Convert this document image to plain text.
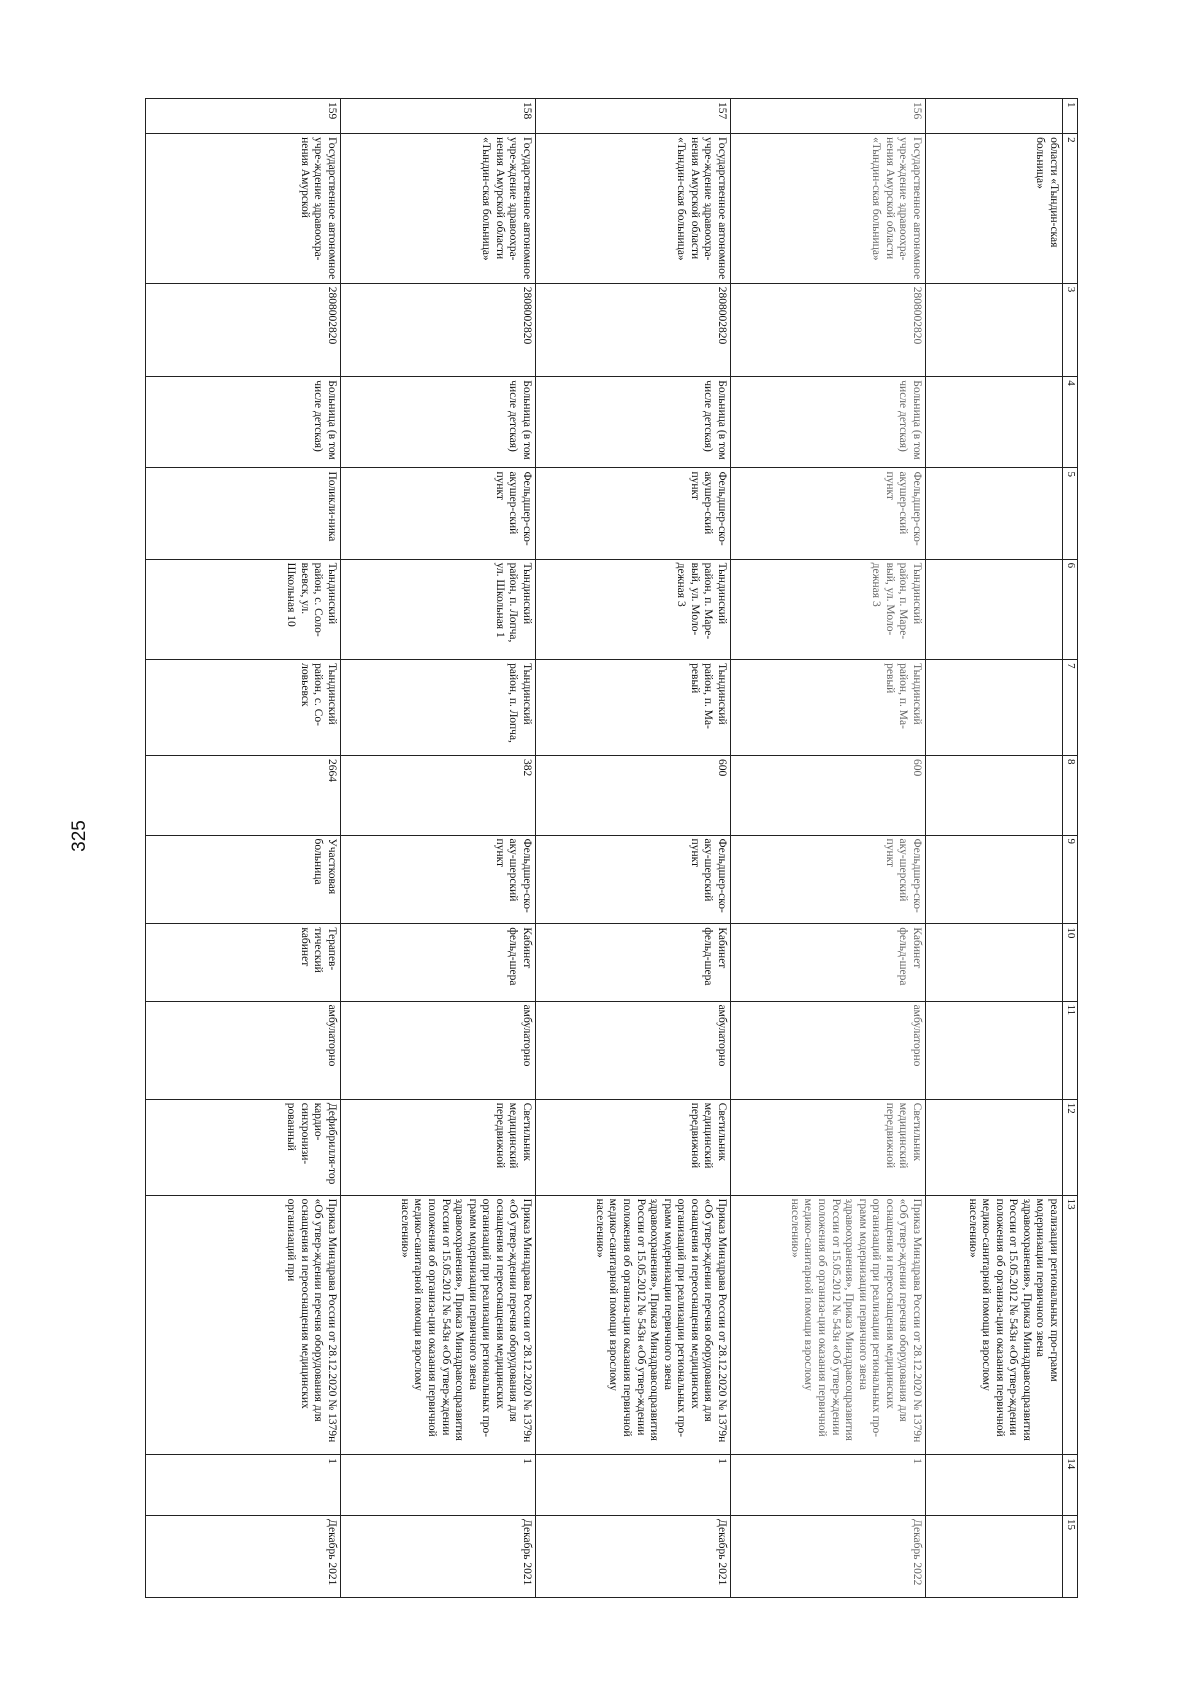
325
1	2	3	4	5	6	7	8	9	10	11	12	13	14	15
	области «Тындин-ская больница»											реализации региональных про-грамм модернизации первичного звена здравоохранения», Приказ Минздравсоцразвития России от 15.05.2012 № 543н «Об утвер-ждении положения об организа-ции оказания первичной медико-санитарной помощи взрослому населению»		
156	Государственное автономное учре-ждение здравоохра-нения Амурской области «Тындин-ская больница»	2808002820	Больница (в том числе детская)	Фельдшер-ско-акушер-ский пункт	Тындинский район, п. Маре-вый, ул. Моло-дежная 3	Тындинский район, п. Ма-ревый	600	Фельдшер-ско-аку-шерский пункт	Кабинет фельд-шера	амбулаторно	Светильник медицинский передвижной	Приказ Минздрава России от 28.12.2020 № 1379н «Об утвер-ждении перечня оборудования для оснащения и переоснащения медицинских организаций при реализации региональных про-грамм модернизации первичного звена здравоохранения», Приказ Минздравсоцразвития России от 15.05.2012 № 543н «Об утвер-ждении положения об организа-ции оказания первичной медико-санитарной помощи взрослому населению»	1	Декабрь 2022
157	Государственное автономное учре-ждение здравоохра-нения Амурской области «Тындин-ская больница»	2808002820	Больница (в том числе детская)	Фельдшер-ско-акушер-ский пункт	Тындинский район, п. Маре-вый, ул. Моло-дежная 3	Тындинский район, п. Ма-ревый	600	Фельдшер-ско-аку-шерский пункт	Кабинет фельд-шера	амбулаторно	Светильник медицинский передвижной	Приказ Минздрава России от 28.12.2020 № 1379н «Об утвер-ждении перечня оборудования для оснащения и переоснащения медицинских организаций при реализации региональных про-грамм модернизации первичного звена здравоохранения», Приказ Минздравсоцразвития России от 15.05.2012 № 543н «Об утвер-ждении положения об организа-ции оказания первичной медико-санитарной помощи взрослому населению»	1	Декабрь 2021
158	Государственное автономное учре-ждение здравоохра-нения Амурской области «Тындин-ская больница»	2808002820	Больница (в том числе детская)	Фельдшер-ско-акушер-ский пункт	Тындинский район, п. Лопча, ул. Школьная 1	Тындинский район, п. Лопча,	382	Фельдшер-ско-аку-шерский пункт	Кабинет фельд-шера	амбулаторно	Светильник медицинский передвижной	Приказ Минздрава России от 28.12.2020 № 1379н «Об утвер-ждении перечня оборудования для оснащения и переоснащения медицинских организаций при реализации региональных про-грамм модернизации первичного звена здравоохранения», Приказ Минздравсоцразвития России от 15.05.2012 № 543н «Об утвер-ждении положения об организа-ции оказания первичной медико-санитарной помощи взрослому населению»	1	Декабрь 2021
159	Государственное автономное учре-ждение здравоохра-нения Амурской	2808002820	Больница (в том числе детская)	Поликли-ника	Тындинский район, с. Соло-вьевск, ул. Школьная 10	Тындинский район, с. Со-ловьевск	2664	Участковая больница	Терапев-тический кабинет	амбулаторно	Дефибрилля-тор кардио-синхронизи-рованный	Приказ Минздрава России от 28.12.2020 № 1379н «Об утвер-ждении перечня оборудования для оснащения и переоснащения медицинских организаций при	1	Декабрь 2021
